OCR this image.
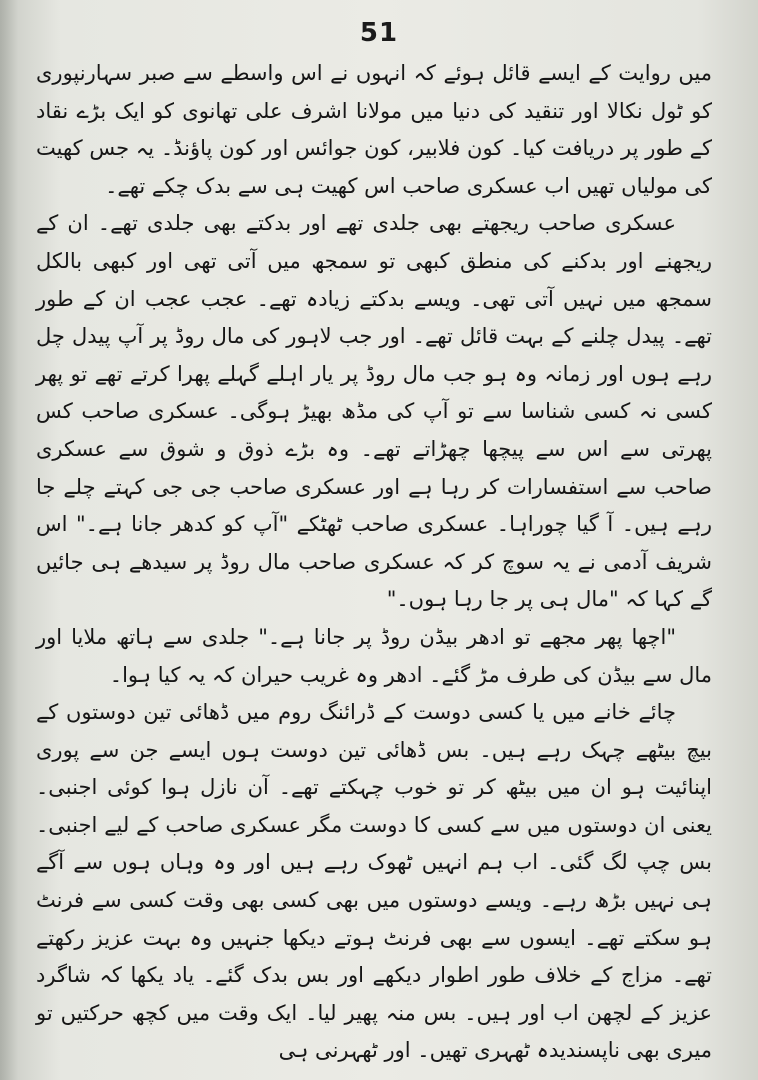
51

میں روایت کے ایسے قائل ہوئے کہ انہوں نے اس واسطے سے صبر سہارنپوری کو ٹول نکالا اور تنقید کی دنیا میں مولانا اشرف علی تھانوی کو ایک بڑے نقاد کے طور پر دریافت کیا۔ کون فلابیر، کون جوائس اور کون پاؤنڈ۔ یہ جس کھیت کی مولیاں تھیں اب عسکری صاحب اس کھیت ہی سے بدک چکے تھے۔

عسکری صاحب ریجھتے بھی جلدی تھے اور بدکتے بھی جلدی تھے۔ ان کے ریجھنے اور بدکنے کی منطق کبھی تو سمجھ میں آتی تھی اور کبھی بالکل سمجھ میں نہیں آتی تھی۔ ویسے بدکتے زیادہ تھے۔ عجب عجب ان کے طور تھے۔ پیدل چلنے کے بہت قائل تھے۔ اور جب لاہور کی مال روڈ پر آپ پیدل چل رہے ہوں اور زمانہ وہ ہو جب مال روڈ پر یار اہلے گہلے پھرا کرتے تھے تو پھر کسی نہ کسی شناسا سے تو آپ کی مڈھ بھیڑ ہوگی۔ عسکری صاحب کس پھرتی سے اس سے پیچھا چھڑاتے تھے۔ وہ بڑے ذوق و شوق سے عسکری صاحب سے استفسارات کر رہا ہے اور عسکری صاحب جی جی کہتے چلے جا رہے ہیں۔ آ گیا چوراہا۔ عسکری صاحب ٹھٹکے "آپ کو کدھر جانا ہے۔" اس شریف آدمی نے یہ سوچ کر کہ عسکری صاحب مال روڈ پر سیدھے ہی جائیں گے کہا کہ "مال ہی پر جا رہا ہوں۔"

"اچھا پھر مجھے تو ادھر بیڈن روڈ پر جانا ہے۔" جلدی سے ہاتھ ملایا اور مال سے بیڈن کی طرف مڑ گئے۔ ادھر وہ غریب حیران کہ یہ کیا ہوا۔

چائے خانے میں یا کسی دوست کے ڈرائنگ روم میں ڈھائی تین دوستوں کے بیچ بیٹھے چہک رہے ہیں۔ بس ڈھائی تین دوست ہوں ایسے جن سے پوری اپنائیت ہو ان میں بیٹھ کر تو خوب چہکتے تھے۔ آن نازل ہوا کوئی اجنبی۔ یعنی ان دوستوں میں سے کسی کا دوست مگر عسکری صاحب کے لیے اجنبی۔ بس چپ لگ گئی۔ اب ہم انہیں ٹھوک رہے ہیں اور وہ وہاں ہوں سے آگے ہی نہیں بڑھ رہے۔ ویسے دوستوں میں بھی کسی بھی وقت کسی سے فرنٹ ہو سکتے تھے۔ ایسوں سے بھی فرنٹ ہوتے دیکھا جنہیں وہ بہت عزیز رکھتے تھے۔ مزاج کے خلاف طور اطوار دیکھے اور بس بدک گئے۔ یاد یکھا کہ شاگرد عزیز کے لچھن اب اور ہیں۔ بس منہ پھیر لیا۔ ایک وقت میں کچھ حرکتیں تو میری بھی ناپسندیدہ ٹھہری تھیں۔ اور ٹھہرنی ہی
